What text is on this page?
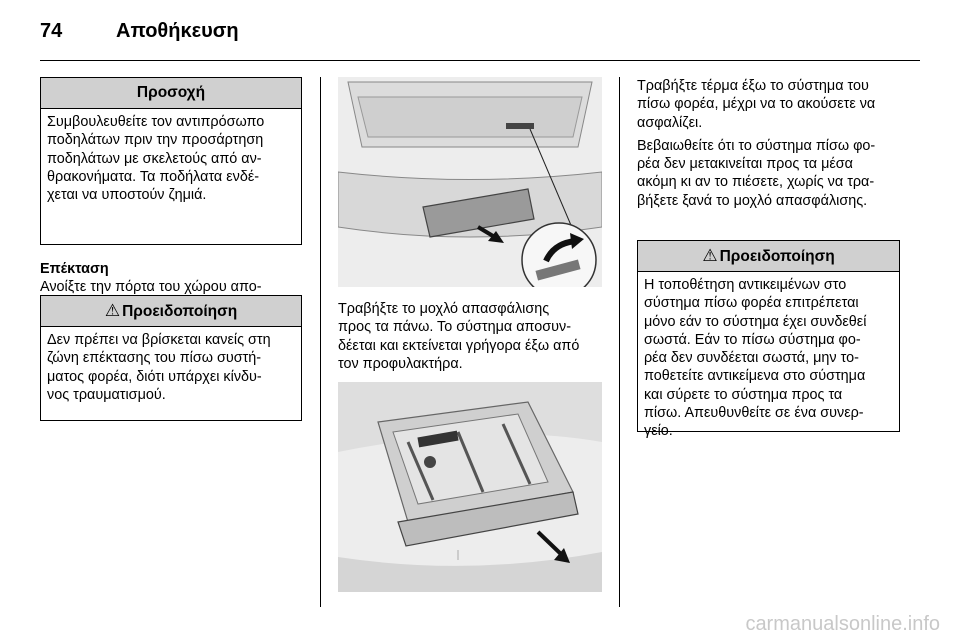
74	Αποθήκευση
Προσοχή
Συμβουλευθείτε τον αντιπρόσωπο
ποδηλάτων πριν την προσάρτηση
ποδηλάτων με σκελετούς από αν-
θρακονήματα. Τα ποδήλατα ενδέ-
χεται να υποστούν ζημιά.
Επέκταση
Ανοίξτε την πόρτα του χώρου απο-
⚠ Προειδοποίηση
Δεν πρέπει να βρίσκεται κανείς στη
ζώνη επέκτασης του πίσω συστή-
ματος φορέα, διότι υπάρχει κίνδυ-
νος τραυματισμού.
Τραβήξτε το μοχλό απασφάλισης
προς τα πάνω. Το σύστημα αποσυν-
δέεται και εκτείνεται γρήγορα έξω από
τον προφυλακτήρα.
Τραβήξτε τέρμα έξω το σύστημα του
πίσω φορέα, μέχρι να το ακούσετε να
ασφαλίζει.
Βεβαιωθείτε ότι το σύστημα πίσω φο-
ρέα δεν μετακινείται προς τα μέσα
ακόμη κι αν το πιέσετε, χωρίς να τρα-
βήξετε ξανά το μοχλό απασφάλισης.
⚠ Προειδοποίηση
Η τοποθέτηση αντικειμένων στο
σύστημα πίσω φορέα επιτρέπεται
μόνο εάν το σύστημα έχει συνδεθεί
σωστά. Εάν το πίσω σύστημα φο-
ρέα δεν συνδέεται σωστά, μην το-
ποθετείτε αντικείμενα στο σύστημα
και σύρετε το σύστημα προς τα
πίσω. Απευθυνθείτε σε ένα συνερ-
γείο.
carmanualsonline.info
